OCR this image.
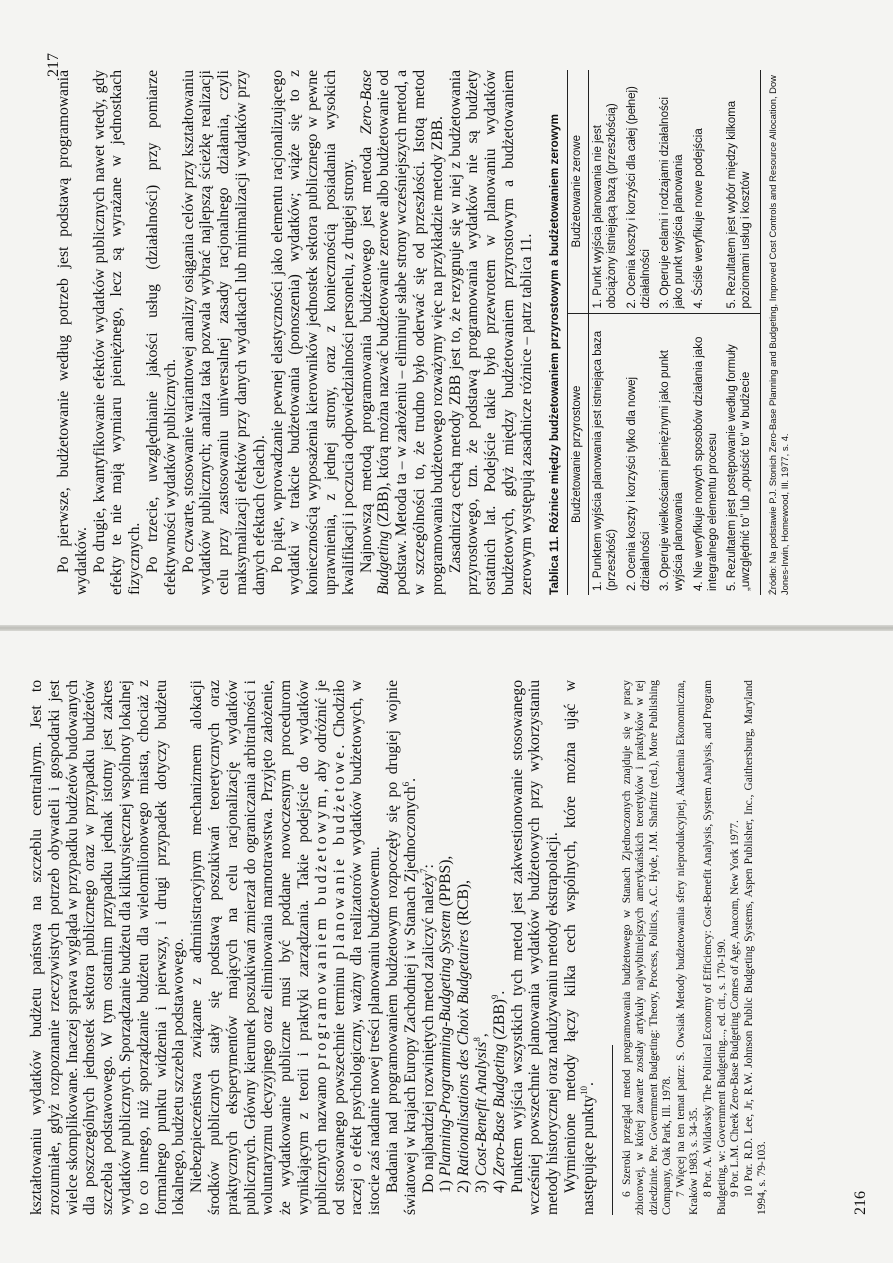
kształtowaniu wydatków budżetu państwa na szczeblu centralnym. Jest to zrozumiałe, gdyż rozpoznanie rzeczywistych potrzeb obywateli i gospodarki jest wielce skomplikowane. Inaczej sprawa wygląda w przypadku budżetów budowanych dla poszczególnych jednostek sektora publicznego oraz w przypadku budżetów szczebla podstawowego. W tym ostatnim przypadku jednak istotny jest zakres wydatków publicznych. Sporządzanie budżetu dla kilkutysięcznej wspólnoty lokalnej to co innego, niż sporządzanie budżetu dla wielomilionowego miasta, chociaż z formalnego punktu widzenia i pierwszy, i drugi przypadek dotyczy budżetu lokalnego, budżetu szczebla podstawowego. Niebezpieczeństwa związane z administracyjnym mechanizmem alokacji środków publicznych stały się podstawą poszukiwań teoretycznych oraz praktycznych eksperymentów mających na celu racjonalizację wydatków publicznych. Główny kierunek poszukiwań zmierzał do ograniczania arbitralności i woluntaryzmu decyzyjnego oraz eliminowania marnotrawstwa. Przyjęto założenie, że wydatkowanie publiczne musi być poddane nowoczesnym procedurom wynikającym z teorii i praktyki zarządzania. Takie podejście do wydatków publicznych nazwano programowaniem budżetowym, aby odróżnić je od stosowanego powszechnie terminu planowanie budżetowe. Chodziło raczej o efekt psychologiczny, ważny dla realizatorów wydatków budżetowych, w istocie zaś nadanie nowej treści planowaniu budżetowemu. Badania nad programowaniem budżetowym rozpoczęły się po drugiej wojnie światowej w krajach Europy Zachodniej i w Stanach Zjednoczonych$^6$.

Do najbardziej rozwiniętych metod zaliczyć należy$^7$:

1) Planning-Programming-Budgeting System (PPBS),

2) Rationalisations des Choix Budgetaires (RCB),

3) Cost-Benefit Analysis$^8$,

4) Zero-Base Budgeting (ZBB)$^9$. Punktem wyjścia wszystkich tych metod jest zakwestionowanie stosowanego wcześniej powszechnie planowania wydatków budżetowych przy wykorzystaniu metody historycznej oraz nadużywaniu metody ekstrapolacji. Wymienione metody łączy kilka cech wspólnych, które można ująć w następujące punkty$^{10}$. 6 Szeroki przegląd metod programowania budżetowego w Stanach Zjednoczonych znajduje się w pracy zbiorowej, w której zawarte zostały artykuły najwybitniejszych amerykańskich teoretyków i praktyków w tej dziedzinie. Por. Government Budgeting: Theory, Process, Politics, A.C. Hyde, J.M. Shafritz (red.), More Publishing Company, Oak Park, Ill. 1978. 7 Więcej na ten temat patrz: S. Owsiak Metody budżetowania sfery nieprodukcyjnej, Akademia Ekonomiczna, Kraków 1983, s. 34-35. 8 Por. A. Wildavsky The Political Economy of Efficiency: Cost-Benefit Analysis, System Analysis, and Program Budgeting, w: Government Budgeting..., ed. cit., s. 170-190. 9 Por. L.M. Cheek Zero-Base Budgeting Comes of Age, Anacom, New York 1977. 10 Por. R.D. Lee, Jr, R.W. Johnson Public Budgeting Systems, Aspen Publisher, Inc., Gaithersburg, Maryland 1994, s. 79-103.	216

Po pierwsze, budżetowanie według potrzeb jest podstawą programowania wydatków. Po drugie, kwantyfikowanie efektów wydatków publicznych nawet wtedy, gdy efekty te nie mają wymiaru pieniężnego, lecz są wyrażane w jednostkach fizycznych. Po trzecie, uwzględnianie jakości usług (działalności) przy pomiarze efektywności wydatków publicznych. Po czwarte, stosowanie wariantowej analizy osiągania celów przy kształtowaniu wydatków publicznych; analiza taka pozwala wybrać najlepszą ścieżkę realizacji celu przy zastosowaniu uniwersalnej zasady racjonalnego działania, czyli maksymalizacji efektów przy danych wydatkach lub minimalizacji wydatków przy danych efektach (celach). Po piąte, wprowadzanie pewnej elastyczności jako elementu racjonalizującego wydatki w trakcie budżetowania (ponoszenia) wydatków; wiąże się to z koniecznością wyposażenia kierowników jednostek sektora publicznego w pewne uprawnienia, z jednej strony, oraz z koniecznością posiadania wysokich kwalifikacji i poczucia odpowiedzialności personelu, z drugiej strony. Najnowszą metodą programowania budżetowego jest metoda Zero-Base Budgeting (ZBB), którą można nazwać budżetowanie zerowe albo budżetowanie od podstaw. Metoda ta – w założeniu – eliminuje słabe strony wcześniejszych metod, a w szczególności to, że trudno było oderwać się od przeszłości. Istotą metod programowania budżetowego rozważymy więc na przykładzie metody ZBB. Zasadniczą cechą metody ZBB jest to, że rezygnuje się w niej z budżetowania przyrostowego, tzn. że podstawą programowania wydatków nie są budżety ostatnich lat. Podejście takie było przewrotem w planowaniu wydatków budżetowych, gdyż między budżetowaniem przyrostowym a budżetowaniem zerowym występują zasadnicze różnice – patrz tablica 11. Tablica 11. Różnice między budżetowaniem przyrostowym a budżetowaniem zerowym Budżetowanie przyrostowe	Budżetowanie zerowe
1. Punktem wyjścia planowania jest istniejąca baza (przeszłość)	1. Punkt wyjścia planowania nie jest obciążony istniejącą bazą (przeszłością)
2. Ocenia koszty i korzyści tylko dla nowej działalności	2. Ocenia koszty i korzyści dla całej (pełnej) działalności
3. Operuje wielkościami pieniężnymi jako punkt wyjścia planowania	3. Operuje celami i rodzajami działalności jako punkt wyjścia planowania
4. Nie weryfikuje nowych sposobów działania jako integralnego elementu procesu	4. Ściśle weryfikuje nowe podejścia
5. Rezultatem jest postępowanie według formuły „uwzględnić to” lub „opuścić to” w budżecie	5. Rezultatem jest wybór między kilkoma poziomami usług i kosztów Źródło: Na podstawie P.J. Stonich Zero-Base Planning and Budgeting, Improved Cost Controls and Resource Allocation, Dow Jones-Irwin, Homewood, Ill. 1977, s. 4.
217
